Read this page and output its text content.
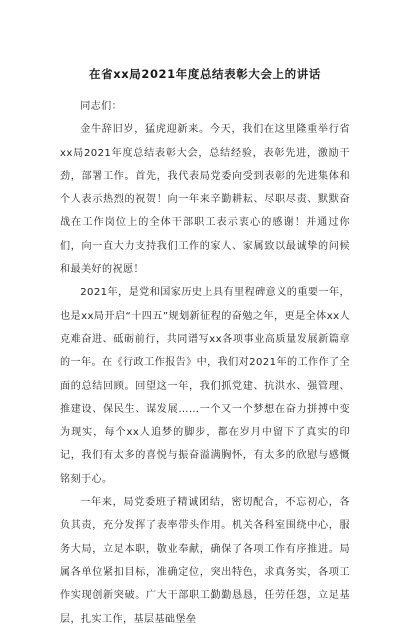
在省xx局2021年度总结表彰大会上的讲话

同志们：

金牛辞旧岁，猛虎迎新来。今天，我们在这里隆重举行省xx局2021年度总结表彰大会，总结经验，表彰先进，激励干劲，部署工作。首先，我代表局党委向受到表彰的先进集体和个人表示热烈的祝贺！向一年来辛勤耕耘、尽职尽责、默默奋战在工作岗位上的全体干部职工表示衷心的感谢！并通过你们，向一直大力支持我们工作的家人、家属致以最诚挚的问候和最美好的祝愿！

2021年，是党和国家历史上具有里程碑意义的重要一年，也是xx局开启“十四五”规划新征程的奋勉之年，更是全体xx人克难奋进、砥砺前行，共同谱写xx各项事业高质量发展新篇章的一年。在《行政工作报告》中，我们对2021年的工作作了全面的总结回顾。回望这一年，我们抓党建、抗洪水、强管理、推建设、保民生、谋发展……一个又一个梦想在奋力拼搏中变为现实，每个xx人追梦的脚步，都在岁月中留下了真实的印记，我们有太多的喜悦与振奋溢满胸怀，有太多的欣慰与感慨铭刻于心。

一年来，局党委班子精诚团结，密切配合，不忘初心，各负其责，充分发挥了表率带头作用。机关各科室围绕中心，服务大局，立足本职，敬业奉献，确保了各项工作有序推进。局属各单位紧扣目标，准确定位，突出特色，求真务实，各项工作实现创新突破。广大干部职工勤勤恳恳，任劳任怨，立足基层，扎实工作，基层基础堡垒
